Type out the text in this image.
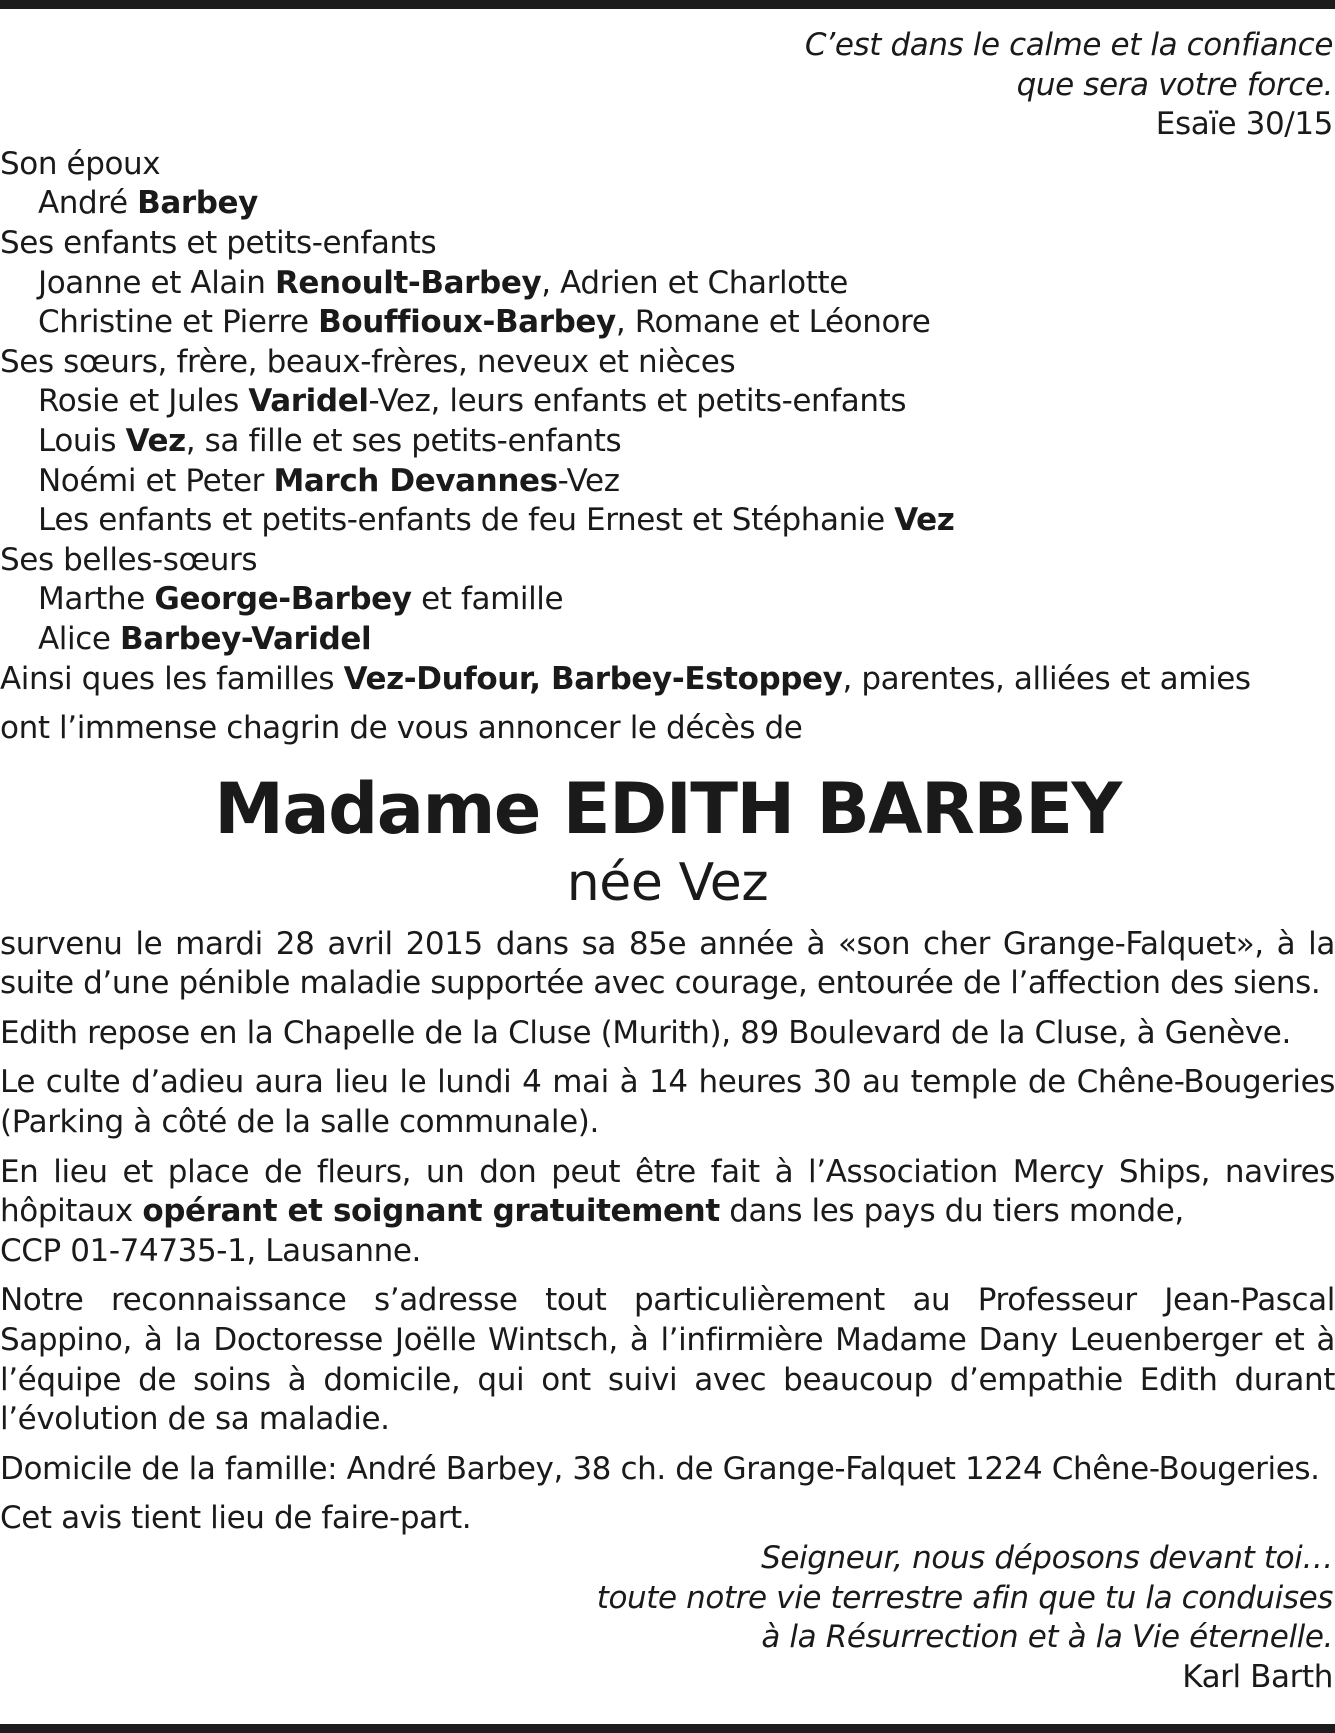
C’est dans le calme et la confiance
que sera votre force.
Esaïe 30/15
Son époux
André Barbey
Ses enfants et petits-enfants
Joanne et Alain Renoult-Barbey, Adrien et Charlotte
Christine et Pierre Bouffioux-Barbey, Romane et Léonore
Ses sœurs, frère, beaux-frères, neveux et nièces
Rosie et Jules Varidel-Vez, leurs enfants et petits-enfants
Louis Vez, sa fille et ses petits-enfants
Noémi et Peter March Devannes-Vez
Les enfants et petits-enfants de feu Ernest et Stéphanie Vez
Ses belles-sœurs
Marthe George-Barbey et famille
Alice Barbey-Varidel
Ainsi ques les familles Vez-Dufour, Barbey-Estoppey, parentes, alliées et amies
ont l’immense chagrin de vous annoncer le décès de
Madame EDITH BARBEY
née Vez

survenu le mardi 28 avril 2015 dans sa 85e année à «son cher Grange-Falquet», à la suite d’une pénible maladie supportée avec courage, entourée de l’affection des siens.

Edith repose en la Chapelle de la Cluse (Murith), 89 Boulevard de la Cluse, à Genève.

Le culte d’adieu aura lieu le lundi 4 mai à 14 heures 30 au temple de Chêne-Bougeries (Parking à côté de la salle communale).

En lieu et place de fleurs, un don peut être fait à l’Association Mercy Ships, navires hôpitaux opérant et soignant gratuitement dans les pays du tiers monde,
CCP 01-74735-1, Lausanne.

Notre reconnaissance s’adresse tout particulièrement au Professeur Jean-Pascal Sappino, à la Doctoresse Joëlle Wintsch, à l’infirmière Madame Dany Leuenberger et à l’équipe de soins à domicile, qui ont suivi avec beaucoup d’empathie Edith durant l’évolution de sa maladie.

Domicile de la famille: André Barbey, 38 ch. de Grange-Falquet 1224 Chêne-Bougeries.

Cet avis tient lieu de faire-part.

Seigneur, nous déposons devant toi…
toute notre vie terrestre afin que tu la conduises
à la Résurrection et à la Vie éternelle.
Karl Barth
